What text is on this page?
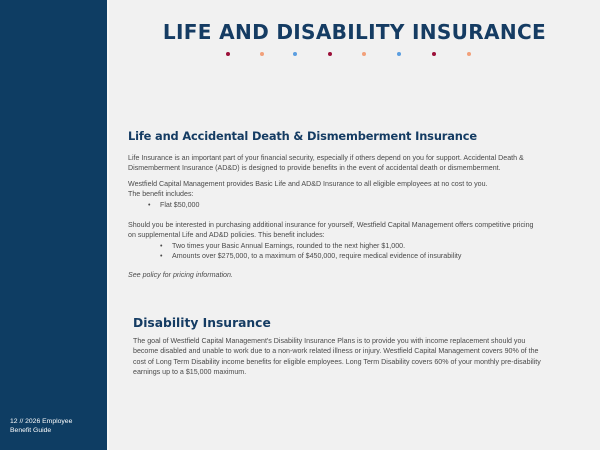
12 // 2026 Employee
Benefit Guide
LIFE AND DISABILITY INSURANCE
Life and Accidental Death & Dismemberment Insurance
Life Insurance is an important part of your financial security, especially if others depend on you for support. Accidental Death &
Dismemberment Insurance (AD&D) is designed to provide benefits in the event of accidental death or dismemberment.
Westfield Capital Management provides Basic Life and AD&D Insurance to all eligible employees at no cost to you.
The benefit includes:
• Flat $50,000
Should you be interested in purchasing additional insurance for yourself, Westfield Capital Management offers competitive pricing
on supplemental Life and AD&D policies. This benefit includes:
• Two times your Basic Annual Earnings, rounded to the next higher $1,000.
• Amounts over $275,000, to a maximum of $450,000, require medical evidence of insurability
See policy for pricing information.
Disability Insurance
The goal of Westfield Capital Management's Disability Insurance Plans is to provide you with income replacement should you
become disabled and unable to work due to a non-work related illness or injury. Westfield Capital Management covers 90% of the
cost of Long Term Disability income benefits for eligible employees. Long Term Disability covers 60% of your monthly pre-disability
earnings up to a $15,000 maximum.
